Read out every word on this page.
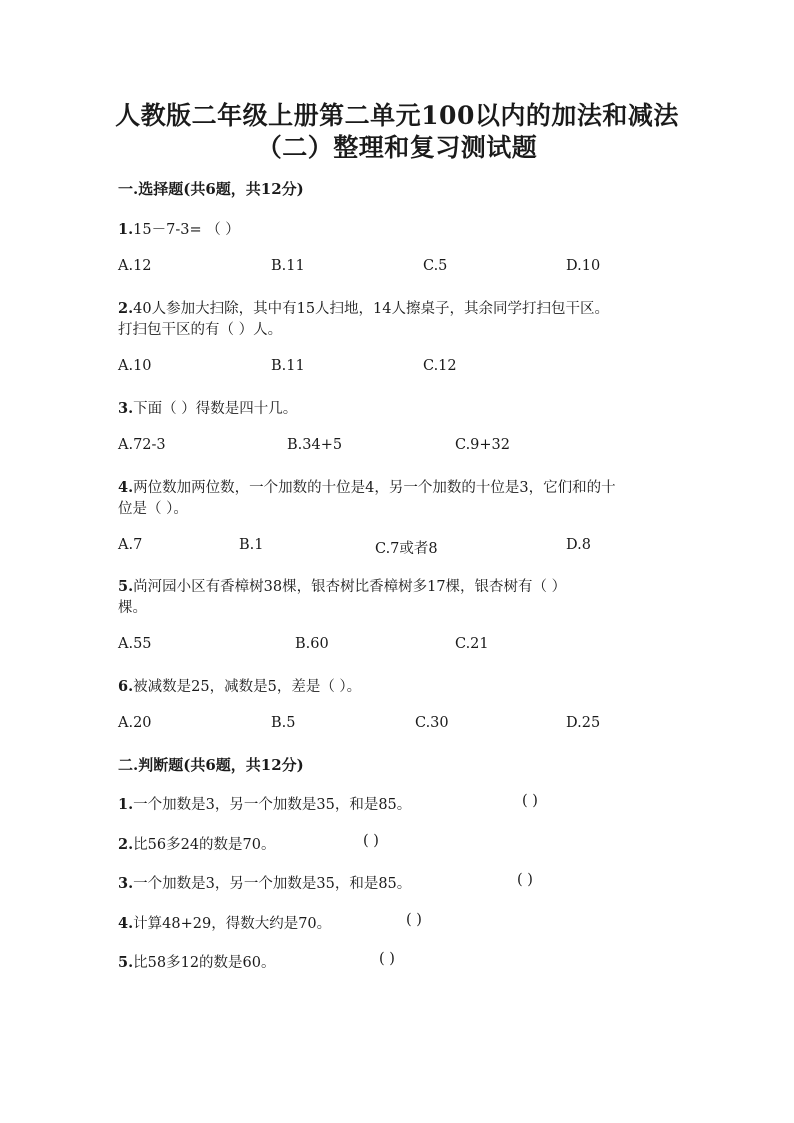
人教版二年级上册第二单元100以内的加法和减法
（二）整理和复习测试题
一.选择题(共6题，共12分)
1.15－7-3= （ ）
A.12	B.11	C.5	D.10
2.40人参加大扫除，其中有15人扫地，14人擦桌子，其余同学打扫包干区。
打扫包干区的有（ ）人。
A.10	B.11	C.12
3.下面（ ）得数是四十几。
A.72-3	B.34+5	C.9+32
4.两位数加两位数，一个加数的十位是4，另一个加数的十位是3，它们和的十
位是（ ）。
A.7	B.1	C.7或者8	D.8
5.尚河园小区有香樟树38棵，银杏树比香樟树多17棵，银杏树有（ ）
棵。
A.55	B.60	C.21
6.被减数是25，减数是5，差是（ ）。
A.20	B.5	C.30	D.25
二.判断题(共6题，共12分)
1.一个加数是3，另一个加数是35，和是85。	( )
2.比56多24的数是70。	( )
3.一个加数是3，另一个加数是35，和是85。	( )
4.计算48+29，得数大约是70。	( )
5.比58多12的数是60。	( )
